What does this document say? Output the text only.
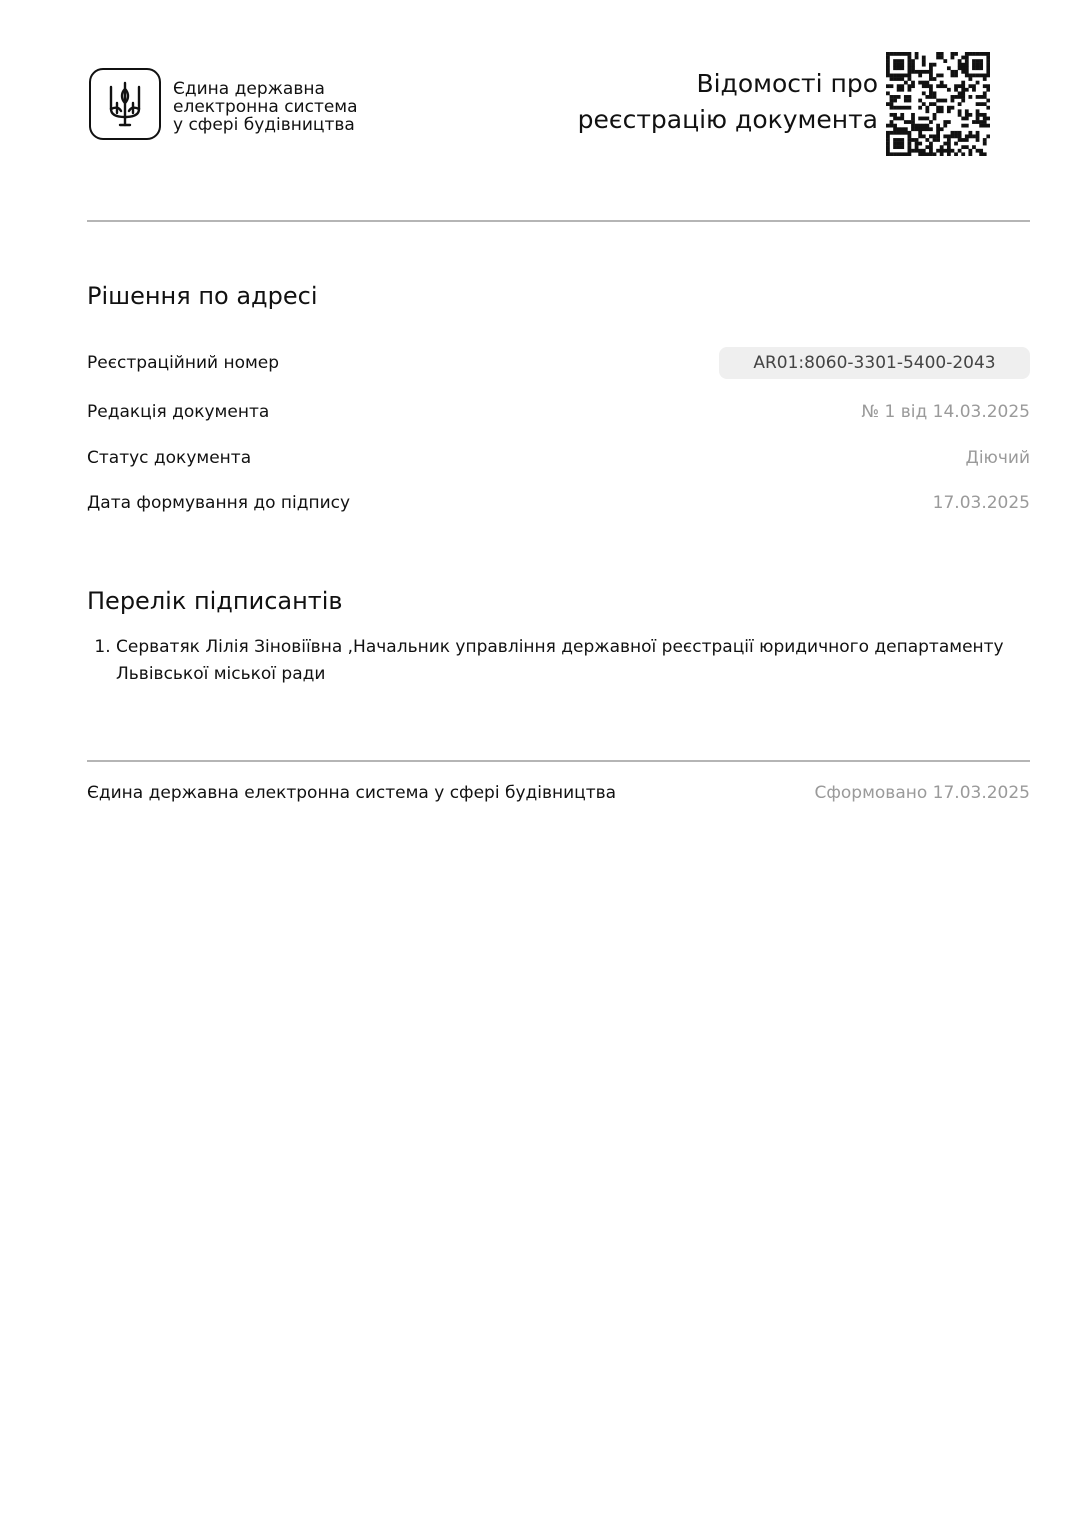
Єдина державна
електронна система
у сфері будівництва
Відомості про
реєстрацію документа
Рішення по адресі
Реєстраційний номер	AR01:8060-3301-5400-2043
Редакція документа	№ 1 від 14.03.2025
Статус документа	Діючий
Дата формування до підпису	17.03.2025
Перелік підписантів
1. Серватяк Лілія Зіновіївна ,Начальник управління державної реєстрації юридичного департаменту Львівської міської ради
Єдина державна електронна система у сфері будівництва	Сформовано 17.03.2025
